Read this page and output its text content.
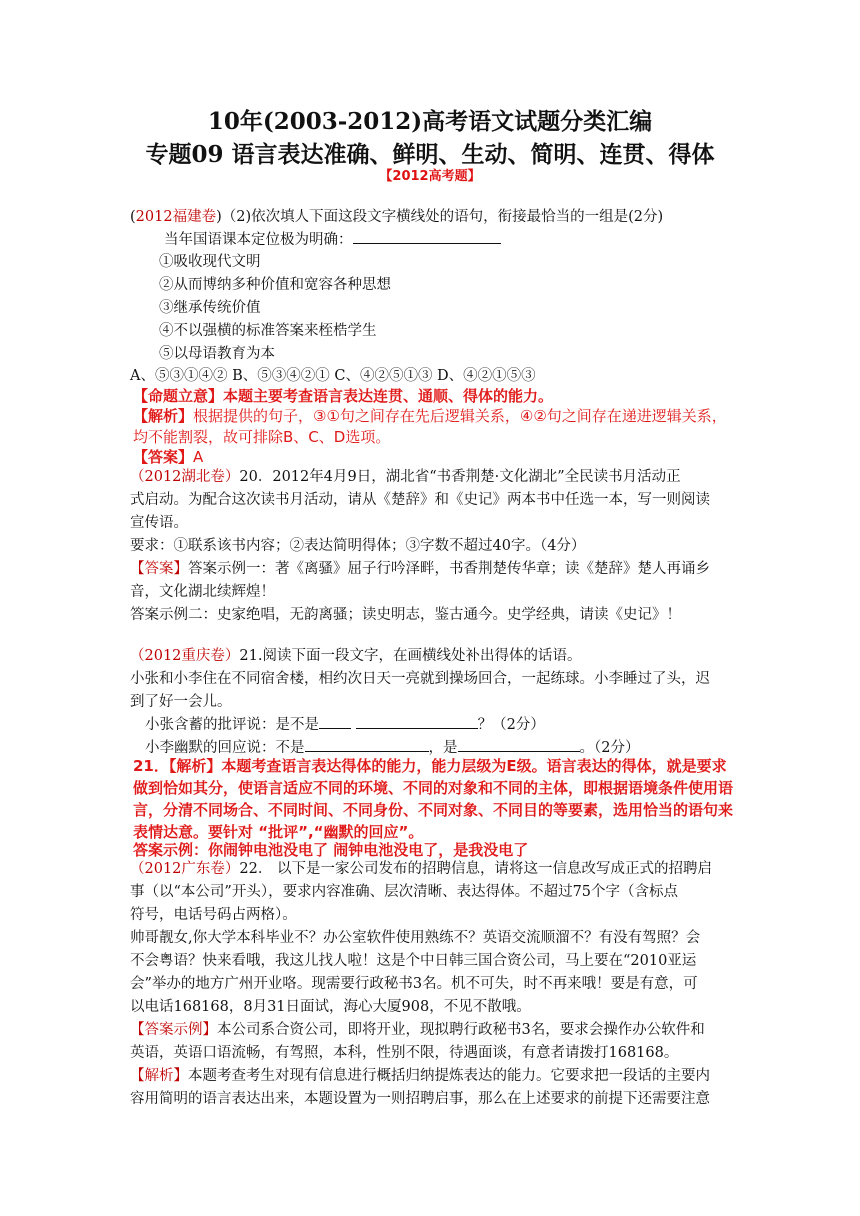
10年(2003-2012)高考语文试题分类汇编
专题09 语言表达准确、鲜明、生动、简明、连贯、得体
【2012高考题】
(2012福建卷)（2)依次填人下面这段文字横线处的语句，衔接最恰当的一组是(2分)
当年国语课本定位极为明确：
①吸收现代文明
②从而博纳多种价值和宽容各种思想
③继承传统价值
④不以强横的标准答案来桎梏学生
⑤以母语教育为本
A、⑤③①④② B、⑤③④②① C、④②⑤①③ D、④②①⑤③
【命题立意】本题主要考查语言表达连贯、通顺、得体的能力。
【解析】根据提供的句子，③①句之间存在先后逻辑关系，④②句之间存在递进逻辑关系，
均不能割裂，故可排除B、C、D选项。
【答案】A
（2012湖北卷）20．2012年4月9日，湖北省“书香荆楚·文化湖北”全民读书月活动正
式启动。为配合这次读书月活动，请从《楚辞》和《史记》两本书中任选一本，写一则阅读
宣传语。
要求：①联系该书内容；②表达简明得体；③字数不超过40字。（4分）
【答案】答案示例一：著《离骚》屈子行吟泽畔，书香荆楚传华章；读《楚辞》楚人再诵乡
音，文化湖北续辉煌！
答案示例二：史家绝唱，无韵离骚；读史明志，鉴古通今。史学经典，请读《史记》！
（2012重庆卷）21.阅读下面一段文字，在画横线处补出得体的话语。
小张和小李住在不同宿舍楼，相约次日天一亮就到操场回合，一起练球。小李睡过了头，迟
到了好一会儿。
小张含蓄的批评说：是不是	？（2分）
小李幽默的回应说：不是	，是	。（2分）
21．【解析】本题考查语言表达得体的能力，能力层级为E级。语言表达的得体，就是要求
做到恰如其分，使语言适应不同的环境、不同的对象和不同的主体，即根据语境条件使用语
言，分清不同场合、不同时间、不同身份、不同对象、不同目的等要素，选用恰当的语句来
表情达意。要针对 “批评”,“幽默的回应”。
答案示例：你闹钟电池没电了 闹钟电池没电了，是我没电了
（2012广东卷）22． 以下是一家公司发布的招聘信息，请将这一信息改写成正式的招聘启
事（以“本公司”开头），要求内容准确、层次清晰、表达得体。不超过75个字（含标点
符号，电话号码占两格）。
帅哥靓女,你大学本科毕业不？办公室软件使用熟练不？英语交流顺溜不？有没有驾照？会
不会粤语？快来看哦，我这儿找人啦！这是个中日韩三国合资公司，马上要在“2010亚运
会”举办的地方广州开业咯。现需要行政秘书3名。机不可失，时不再来哦！要是有意，可
以电话168168，8月31日面试，海心大厦908，不见不散哦。
【答案示例】本公司系合资公司，即将开业，现拟聘行政秘书3名，要求会操作办公软件和
英语，英语口语流畅，有驾照，本科，性别不限，待遇面谈，有意者请拨打168168。
【解析】本题考查考生对现有信息进行概括归纳提炼表达的能力。它要求把一段话的主要内
容用简明的语言表达出来，本题设置为一则招聘启事，那么在上述要求的前提下还需要注意
